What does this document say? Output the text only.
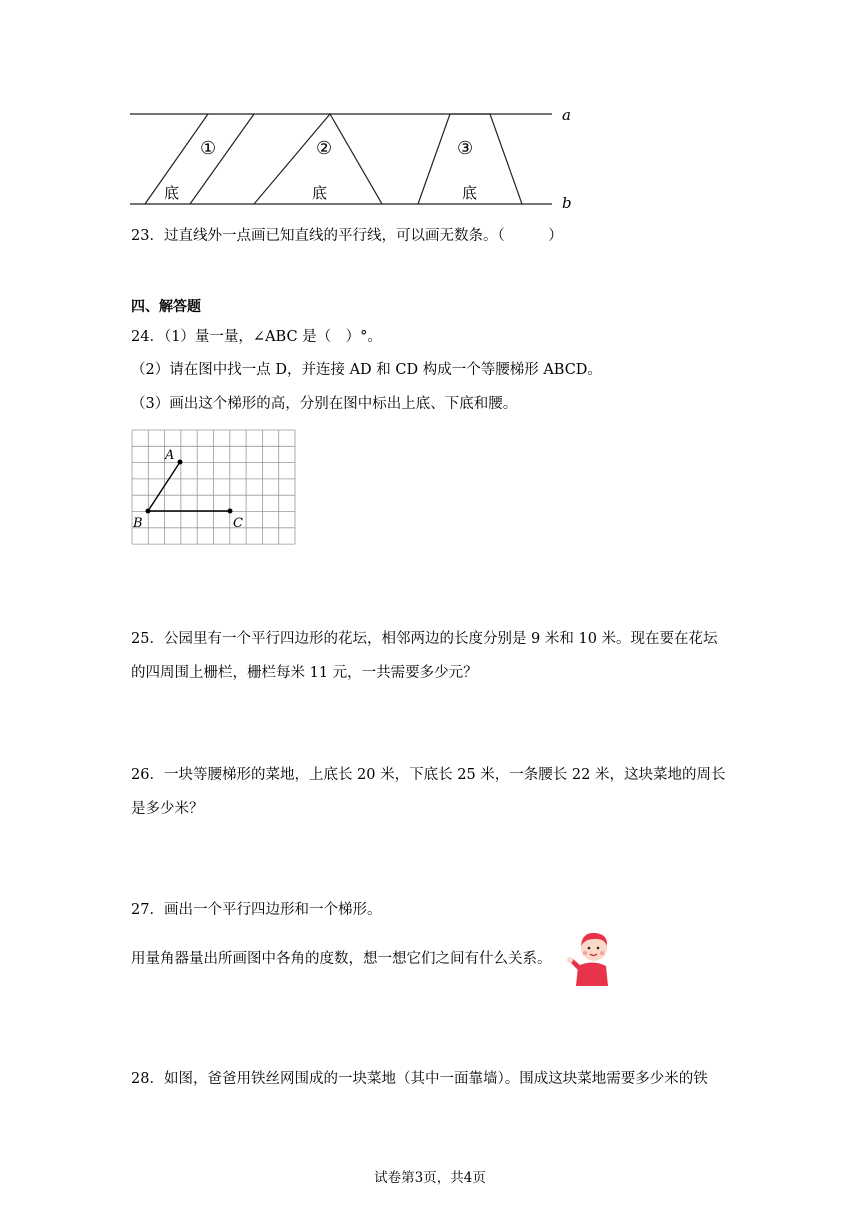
a
b
①
底
②
底
③
底
23．过直线外一点画已知直线的平行线，可以画无数条。（　　　）
四、解答题
24．（1）量一量，∠ABC 是（　）°。
（2）请在图中找一点 D，并连接 AD 和 CD 构成一个等腰梯形 ABCD。
（3）画出这个梯形的高，分别在图中标出上底、下底和腰。
A
B	C
25．公园里有一个平行四边形的花坛，相邻两边的长度分别是 9 米和 10 米。现在要在花坛
的四周围上栅栏，栅栏每米 11 元，一共需要多少元？
26．一块等腰梯形的菜地，上底长 20 米，下底长 25 米，一条腰长 22 米，这块菜地的周长
是多少米？
27．画出一个平行四边形和一个梯形。
用量角器量出所画图中各角的度数，想一想它们之间有什么关系。
28．如图，爸爸用铁丝网围成的一块菜地（其中一面靠墙）。围成这块菜地需要多少米的铁
试卷第3页，共4页
